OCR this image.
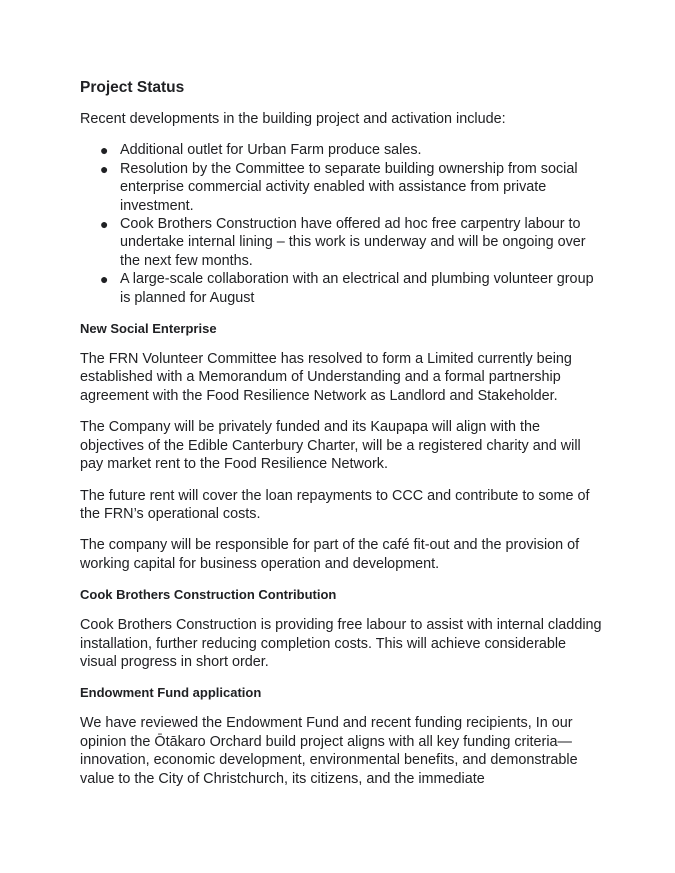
Project Status

Recent developments in the building project and activation include:

● Additional outlet for Urban Farm produce sales.
● Resolution by the Committee to separate building ownership from social enterprise commercial activity enabled with assistance from private investment.
● Cook Brothers Construction have offered ad hoc free carpentry labour to undertake internal lining – this work is underway and will be ongoing over the next few months.
● A large-scale collaboration with an electrical and plumbing volunteer group is planned for August
New Social Enterprise

The FRN Volunteer Committee has resolved to form a Limited currently being established with a Memorandum of Understanding and a formal partnership agreement with the Food Resilience Network as Landlord and Stakeholder.

The Company will be privately funded and its Kaupapa will align with the objectives of the Edible Canterbury Charter, will be a registered charity and will pay market rent to the Food Resilience Network.

The future rent will cover the loan repayments to CCC and contribute to some of the FRN’s operational costs.

The company will be responsible for part of the café fit-out and the provision of working capital for business operation and development.

Cook Brothers Construction Contribution

Cook Brothers Construction is providing free labour to assist with internal cladding installation, further reducing completion costs. This will achieve considerable visual progress in short order.

Endowment Fund application

We have reviewed the Endowment Fund and recent funding recipients, In our opinion the Ōtākaro Orchard build project aligns with all key funding criteria—innovation, economic development, environmental benefits, and demonstrable value to the City of Christchurch, its citizens, and the immediate
